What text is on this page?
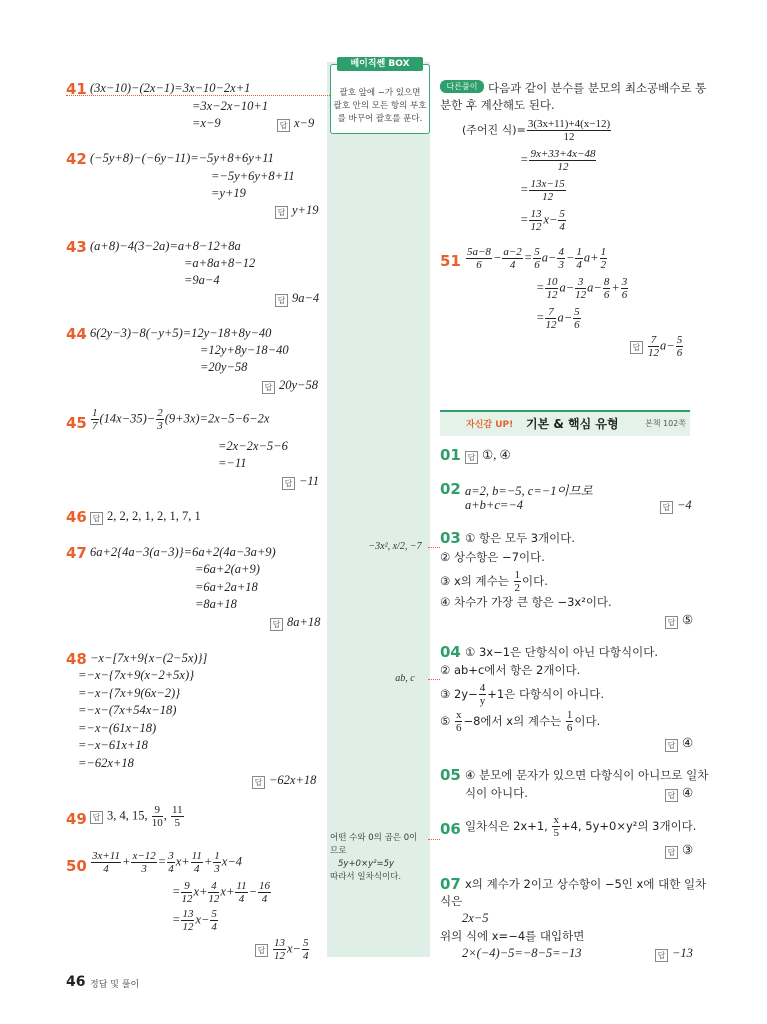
베이직쎈 BOX
괄호 앞에 −가 있으면
괄호 안의 모든 항의 부호
를 바꾸어 괄호를 푼다.
41 (3x−10)−(2x−1)=3x−10−2x+1
=3x−2x−10+1
=x−9	답 x−9
42 (−5y+8)−(−6y−11)=−5y+8+6y+11
=−5y+6y+8+11
=y+19
답 y+19
43 (a+8)−4(3−2a)=a+8−12+8a
=a+8a+8−12
=9a−4
답 9a−4
44 6(2y−3)−8(−y+5)=12y−18+8y−40
=12y+8y−18−40
=20y−58
답 20y−58
$45 \frac{1}{7} (14x-35)- \frac{2}{3} (9+3x)=2x-5-6-2x$
=2x−2x−5−6
=−11
답 −11
46 답 2, 2, 2, 1, 2, 1, 7, 1
47 6a+2{4a−3(a−3)}=6a+2(4a−3a+9)
=6a+2(a+9)
=6a+2a+18
=8a+18
답 8a+18
48 −x−[7x+9{x−(2−5x)}]
=−x−{7x+9(x−2+5x)}
=−x−{7x+9(6x−2)}
=−x−(7x+54x−18)
=−x−(61x−18)
=−x−61x+18
=−62x+18
답 −62x+18
49 답 3, 4, 15, $\frac{9}{10}$ , $\frac{11}{5}$
$50 \frac{3x+11}{4} + \frac{x-12}{3} = \frac{3}{4} x+ \frac{11}{4} + \frac{1}{3} x-4$
= $\frac{9}{12} x+ \frac{4}{12} x+ \frac{11}{4} - \frac{16}{4}$
= $\frac{13}{12} x- \frac{5}{4}$
답 $\frac{13}{12} x- \frac{5}{4}$
다른풀이 다음과 같이 분수를 분모의 최소공배수로 통
분한 후 계산해도 된다.
(주어진 식)= $\frac{3(3x+11)+4(x-12)}{12}$
= $\frac{9x+33+4x-48}{12}$
= $\frac{13x-15}{12}$
= $\frac{13}{12} x- \frac{5}{4}$
$51 \frac{5a-8}{6} - \frac{a-2}{4} = \frac{5}{6} a- \frac{4}{3} - \frac{1}{4} a+ \frac{1}{2}$
= $\frac{10}{12} a- \frac{3}{12} a- \frac{8}{6} + \frac{3}{6}$
= $\frac{7}{12} a- \frac{5}{6}$
답 $\frac{7}{12} a- \frac{5}{6}$
자신감 UP! 기본 & 핵심 유형	본책 102쪽
01 답 ①, ④
02 a=2, b=−5, c=−1이므로
a+b+c=−4	답 −4
03 ① 항은 모두 3개이다.
② 상수항은 −7이다.
③ x의 계수는 $\frac{1}{2}$ 이다.
④ 차수가 가장 큰 항은 −3x²이다.
답 ⑤
−3x², x/2, −7
04 ① 3x−1은 단항식이 아닌 다항식이다.
② ab+c에서 항은 2개이다.
③ $2y- \frac{4}{y} +1$은 다항식이 아니다.
⑤ $\frac{x}{6} -8$에서 x의 계수는 $\frac{1}{6}$ 이다.
답 ④
ab, c
05 ④ 분모에 문자가 있으면 다항식이 아니므로 일차
식이 아니다.	답 ④
06 일차식은 2x+1, $\frac{x}{5} +4$, 5y+0×y²의 3개이다.
답 ③
어떤 수와 0의 곱은 0이
므로
5y+0×y²=5y
따라서 일차식이다.	07 x의 계수가 2이고 상수항이 −5인 x에 대한 일차
식은
2x−5
위의 식에 x=−4를 대입하면
2×(−4)−5=−8−5=−13	답 −13
46 정답 및 풀이
